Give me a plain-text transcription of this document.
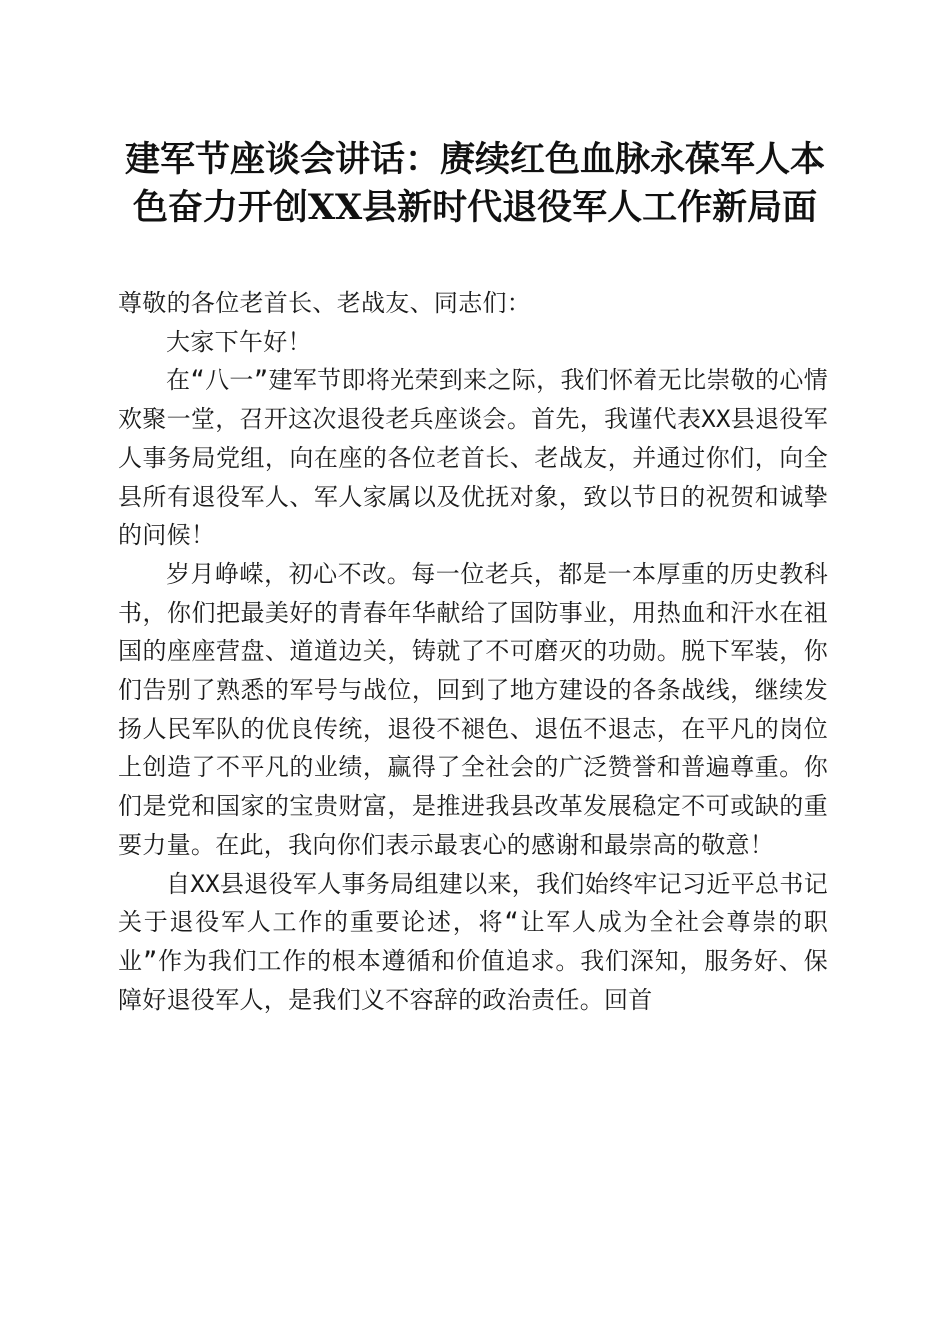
建军节座谈会讲话：赓续红色血脉永葆军人本
色奋力开创XX县新时代退役军人工作新局面

尊敬的各位老首长、老战友、同志们：

大家下午好！

在“八一”建军节即将光荣到来之际，我们怀着无比崇敬的心情欢聚一堂，召开这次退役老兵座谈会。首先，我谨代表XX县退役军人事务局党组，向在座的各位老首长、老战友，并通过你们，向全县所有退役军人、军人家属以及优抚对象，致以节日的祝贺和诚挚的问候！

岁月峥嵘，初心不改。每一位老兵，都是一本厚重的历史教科书，你们把最美好的青春年华献给了国防事业，用热血和汗水在祖国的座座营盘、道道边关，铸就了不可磨灭的功勋。脱下军装，你们告别了熟悉的军号与战位，回到了地方建设的各条战线，继续发扬人民军队的优良传统，退役不褪色、退伍不退志，在平凡的岗位上创造了不平凡的业绩，赢得了全社会的广泛赞誉和普遍尊重。你们是党和国家的宝贵财富，是推进我县改革发展稳定不可或缺的重要力量。在此，我向你们表示最衷心的感谢和最崇高的敬意！

自XX县退役军人事务局组建以来，我们始终牢记习近平总书记关于退役军人工作的重要论述，将“让军人成为全社会尊崇的职业”作为我们工作的根本遵循和价值追求。我们深知，服务好、保障好退役军人，是我们义不容辞的政治责任。回首
